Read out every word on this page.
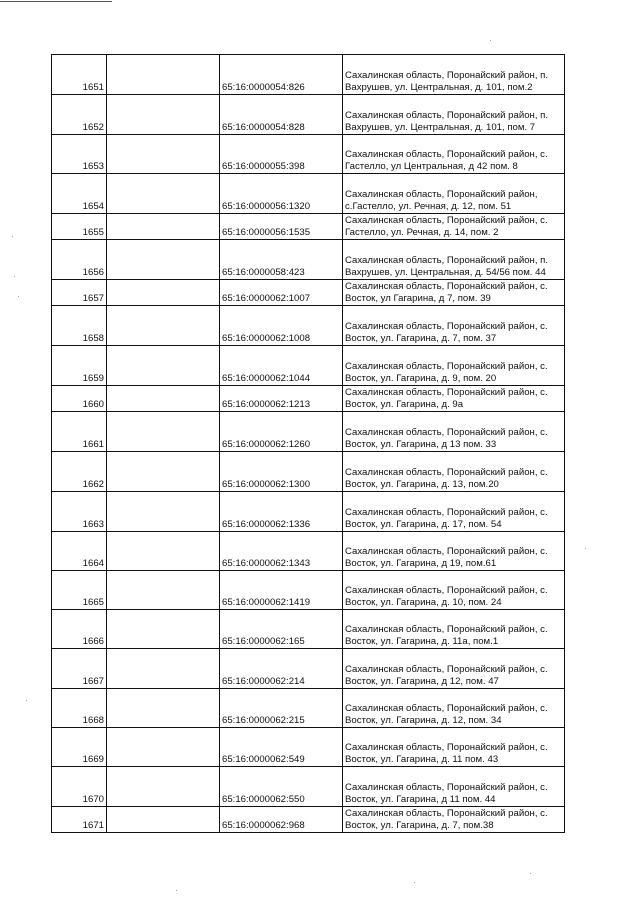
1651		65:16:0000054:826	Сахалинская область, Поронайский район, п.
Вахрушев, ул. Центральная, д. 101, пом.2

1652		65:16:0000054:828	Сахалинская область, Поронайский район, п.
Вахрушев, ул. Центральная, д. 101, пом. 7

1653		65:16:0000055:398	Сахалинская область, Поронайский район, с.
Гастелло, ул Центральная, д 42 пом. 8

1654		65:16:0000056:1320	Сахалинская область, Поронайский район,
с.Гастелло, ул. Речная, д. 12, пом. 51

1655		65:16:0000056:1535	Сахалинская область, Поронайский район, с.
Гастелло, ул. Речная, д. 14, пом. 2

1656		65:16:0000058:423	Сахалинская область, Поронайский район, п.
Вахрушев, ул. Центральная, д. 54/56 пом. 44

1657		65:16:0000062:1007	Сахалинская область, Поронайский район, с.
Восток, ул Гагарина, д 7, пом. 39

1658		65:16:0000062:1008	Сахалинская область, Поронайский район, с.
Восток, ул. Гагарина, д. 7, пом. 37

1659		65:16:0000062:1044	Сахалинская область, Поронайский район, с.
Восток, ул. Гагарина, д. 9, пом. 20

1660		65:16:0000062:1213	Сахалинская область, Поронайский район, с.
Восток, ул. Гагарина, д. 9а

1661		65:16:0000062:1260	Сахалинская область, Поронайский район, с.
Восток, ул. Гагарина, д 13 пом. 33

1662		65:16:0000062:1300	Сахалинская область, Поронайский район, с.
Восток, ул. Гагарина, д. 13, пом.20

1663		65:16:0000062:1336	Сахалинская область, Поронайский район, с.
Восток, ул. Гагарина, д. 17, пом. 54

1664		65:16:0000062:1343	Сахалинская область, Поронайский район, с.
Восток, ул. Гагарина, д 19, пом.61

1665		65:16:0000062:1419	Сахалинская область, Поронайский район, с.
Восток, ул. Гагарина, д. 10, пом. 24

1666		65:16:0000062:165	Сахалинская область, Поронайский район, с.
Восток, ул. Гагарина, д. 11а, пом.1

1667		65:16:0000062:214	Сахалинская область, Поронайский район, с.
Восток, ул. Гагарина, д 12, пом. 47

1668		65:16:0000062:215	Сахалинская область, Поронайский район, с.
Восток, ул. Гагарина, д. 12, пом. 34

1669		65:16:0000062:549	Сахалинская область, Поронайский район, с.
Восток, ул. Гагарина, д. 11 пом. 43

1670		65:16:0000062:550	Сахалинская область, Поронайский район, с.
Восток, ул. Гагарина, д 11 пом. 44

1671		65:16:0000062:968	Сахалинская область, Поронайский район, с.
Восток, ул. Гагарина, д. 7, пом.38
